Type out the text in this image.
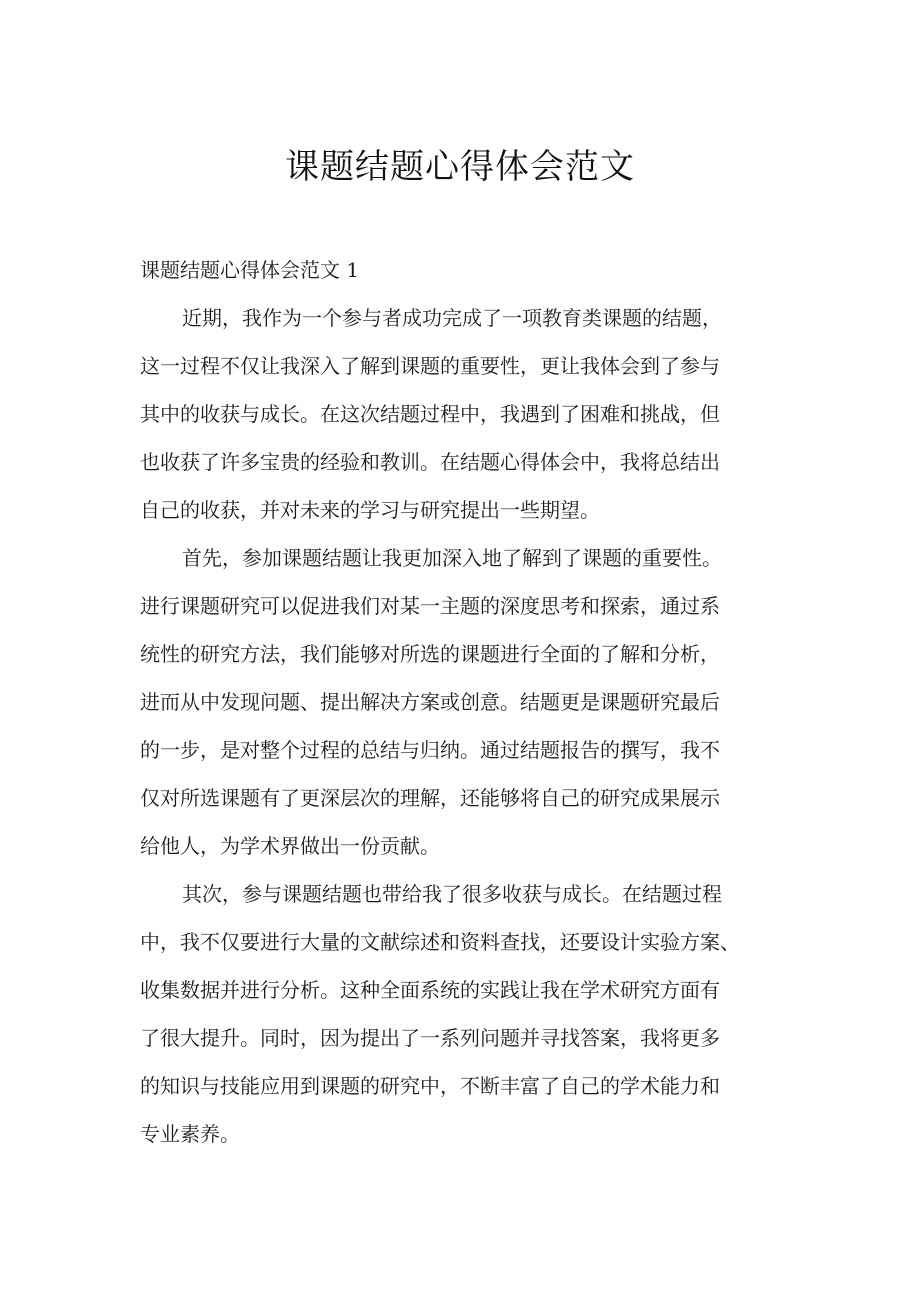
课题结题心得体会范文

课题结题心得体会范文 1

近期，我作为一个参与者成功完成了一项教育类课题的结题，
这一过程不仅让我深入了解到课题的重要性，更让我体会到了参与
其中的收获与成长。在这次结题过程中，我遇到了困难和挑战，但
也收获了许多宝贵的经验和教训。在结题心得体会中，我将总结出
自己的收获，并对未来的学习与研究提出一些期望。
首先，参加课题结题让我更加深入地了解到了课题的重要性。
进行课题研究可以促进我们对某一主题的深度思考和探索，通过系
统性的研究方法，我们能够对所选的课题进行全面的了解和分析，
进而从中发现问题、提出解决方案或创意。结题更是课题研究最后
的一步，是对整个过程的总结与归纳。通过结题报告的撰写，我不
仅对所选课题有了更深层次的理解，还能够将自己的研究成果展示
给他人，为学术界做出一份贡献。
其次，参与课题结题也带给我了很多收获与成长。在结题过程
中，我不仅要进行大量的文献综述和资料查找，还要设计实验方案、
收集数据并进行分析。这种全面系统的实践让我在学术研究方面有
了很大提升。同时，因为提出了一系列问题并寻找答案，我将更多
的知识与技能应用到课题的研究中，不断丰富了自己的学术能力和
专业素养。
